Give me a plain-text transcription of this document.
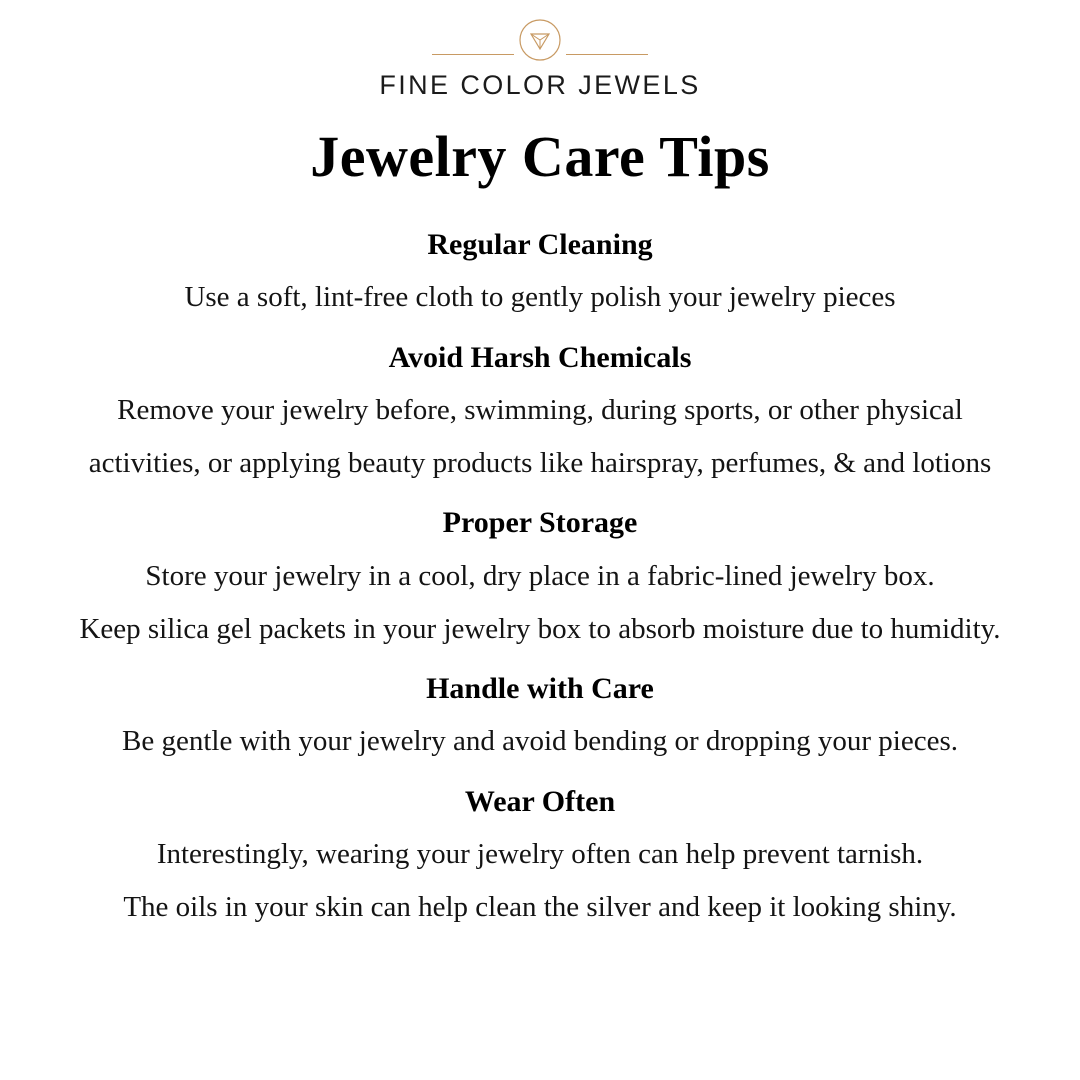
FINE COLOR JEWELS
Jewelry Care Tips
Regular Cleaning

Use a soft, lint-free cloth to gently polish your jewelry pieces

Avoid Harsh Chemicals

Remove your jewelry before, swimming, during sports, or other physical

activities, or applying beauty products like hairspray, perfumes, & and lotions

Proper Storage

Store your jewelry in a cool, dry place in a fabric-lined jewelry box.

Keep silica gel packets in your jewelry box to absorb moisture due to humidity.

Handle with Care

Be gentle with your jewelry and avoid bending or dropping your pieces.

Wear Often

Interestingly, wearing your jewelry often can help prevent tarnish.

The oils in your skin can help clean the silver and keep it looking shiny.
